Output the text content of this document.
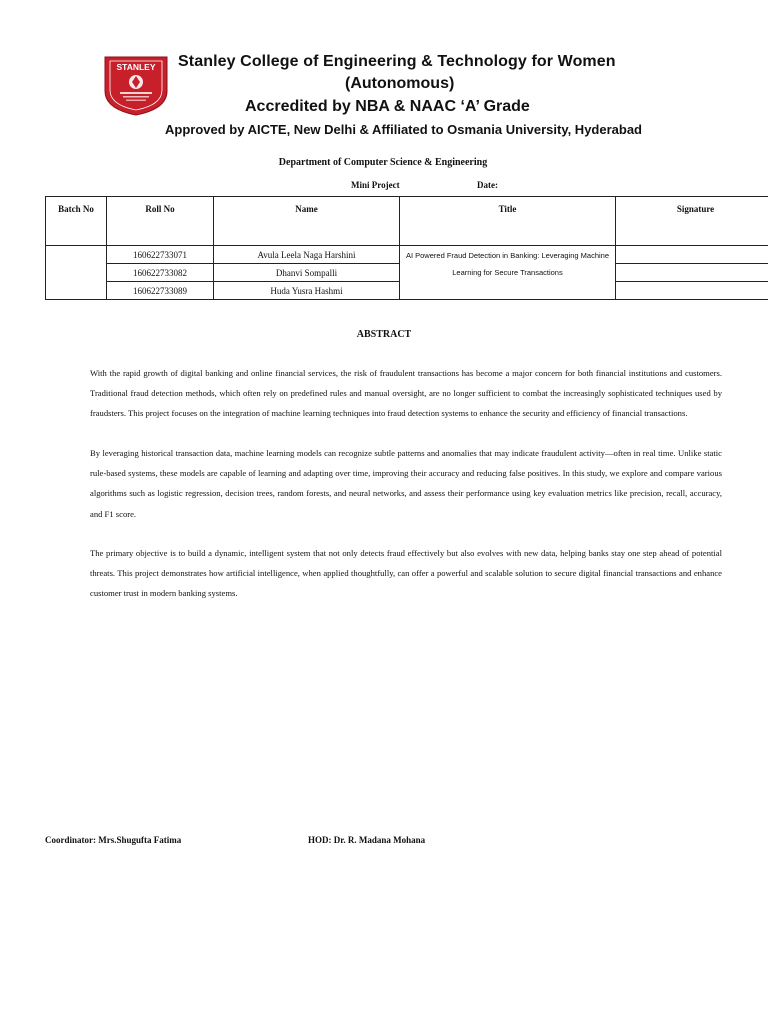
STANLEY Stanley College of Engineering & Technology for Women
(Autonomous)
Accredited by NBA & NAAC ‘A’ Grade
Approved by AICTE, New Delhi & Affiliated to Osmania University, Hyderabad
Department of Computer Science & Engineering
Mini Project	Date:
Batch No	Roll No	Name	Title	Signature
	160622733071	Avula Leela Naga Harshini	AI Powered Fraud Detection in Banking: Leveraging Machine
Learning for Secure Transactions	

	160622733082	Dhanvi Sompalli		
	160622733089	Huda Yusra Hashmi		
ABSTRACT
With the rapid growth of digital banking and online financial services, the risk of fraudulent transactions has become a major concern for both financial institutions and customers. Traditional fraud detection methods, which often rely on predefined rules and manual oversight, are no longer sufficient to combat the increasingly sophisticated techniques used by fraudsters. This project focuses on the integration of machine learning techniques into fraud detection systems to enhance the security and efficiency of financial transactions.
By leveraging historical transaction data, machine learning models can recognize subtle patterns and anomalies that may indicate fraudulent activity—often in real time. Unlike static rule-based systems, these models are capable of learning and adapting over time, improving their accuracy and reducing false positives. In this study, we explore and compare various algorithms such as logistic regression, decision trees, random forests, and neural networks, and assess their performance using key evaluation metrics like precision, recall, accuracy, and F1 score.
The primary objective is to build a dynamic, intelligent system that not only detects fraud effectively but also evolves with new data, helping banks stay one step ahead of potential threats. This project demonstrates how artificial intelligence, when applied thoughtfully, can offer a powerful and scalable solution to secure digital financial transactions and enhance customer trust in modern banking systems.
Coordinator: Mrs.Shugufta Fatima	HOD: Dr. R. Madana Mohana
